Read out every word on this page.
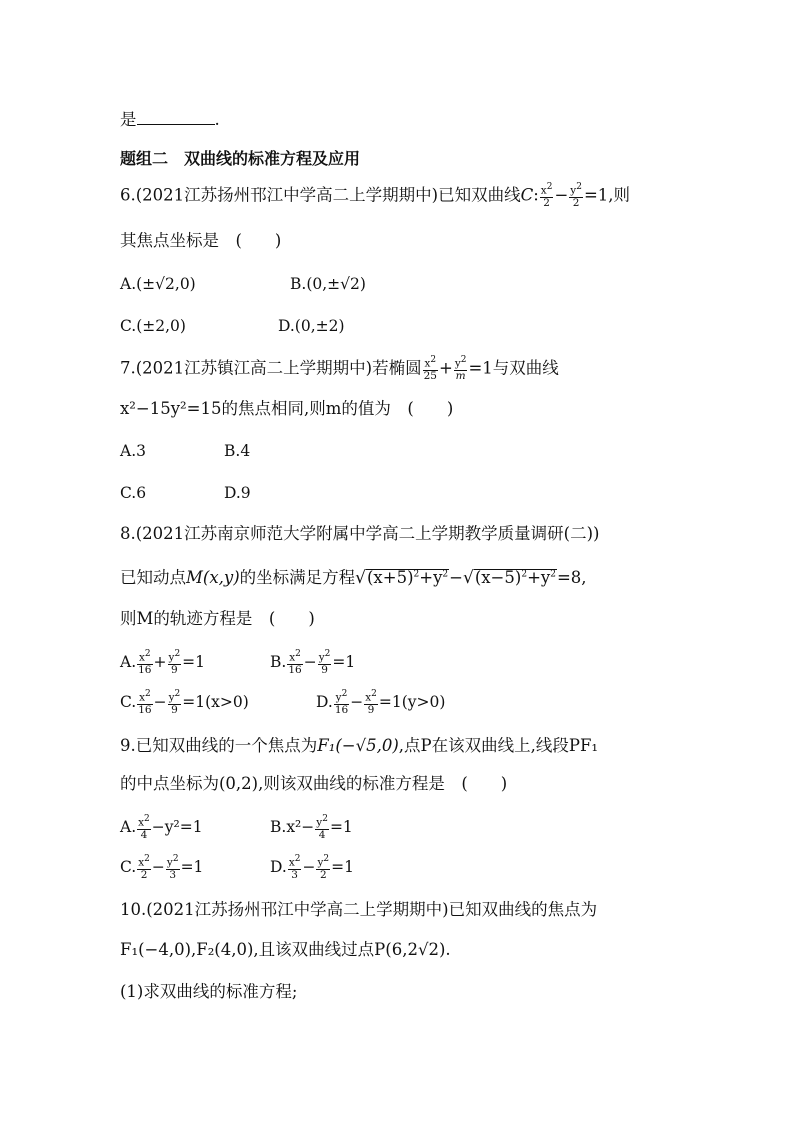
是	.
题组二　双曲线的标准方程及应用
6.(2021江苏扬州邗江中学高二上学期期中)已知双曲线C: $\frac{x2}{2} - \frac{y2}{2} =1$,则
其焦点坐标是　(　　)
A.(±√2,0)	B.(0,±√2)
C.(±2,0)	D.(0,±2)
7.(2021江苏镇江高二上学期期中)若椭圆 $\frac{x2}{25} + \frac{y2}{m} =1$与双曲线
x²−15y²=15的焦点相同,则m的值为　(　　)
A.3	B.4
C.6	D.9
8.(2021江苏南京师范大学附属中学高二上学期教学质量调研(二))
已知动点M(x,y)的坐标满足方程$√(x+5)^2+y^2-√(x-5)^2+y^2=8$,
则M的轨迹方程是　(　　)
A. $\frac{x2}{16} + \frac{y2}{9} =1$	B. $\frac{x2}{16} - \frac{y2}{9} =1$
C. $\frac{x2}{16} - \frac{y2}{9} =1(x>0)$	D. $\frac{y2}{16} - \frac{x2}{9} =1(y>0)$
9.已知双曲线的一个焦点为F₁(−√5,0),点P在该双曲线上,线段PF₁
的中点坐标为(0,2),则该双曲线的标准方程是　(　　)
A. $\frac{x2}{4} -y^2=1$	$B.x^2- \frac{y2}{4} =1$
C. $\frac{x2}{2} - \frac{y2}{3} =1$	D. $\frac{x2}{3} - \frac{y2}{2} =1$
10.(2021江苏扬州邗江中学高二上学期期中)已知双曲线的焦点为
F₁(−4,0),F₂(4,0),且该双曲线过点P(6,2√2).
(1)求双曲线的标准方程;
